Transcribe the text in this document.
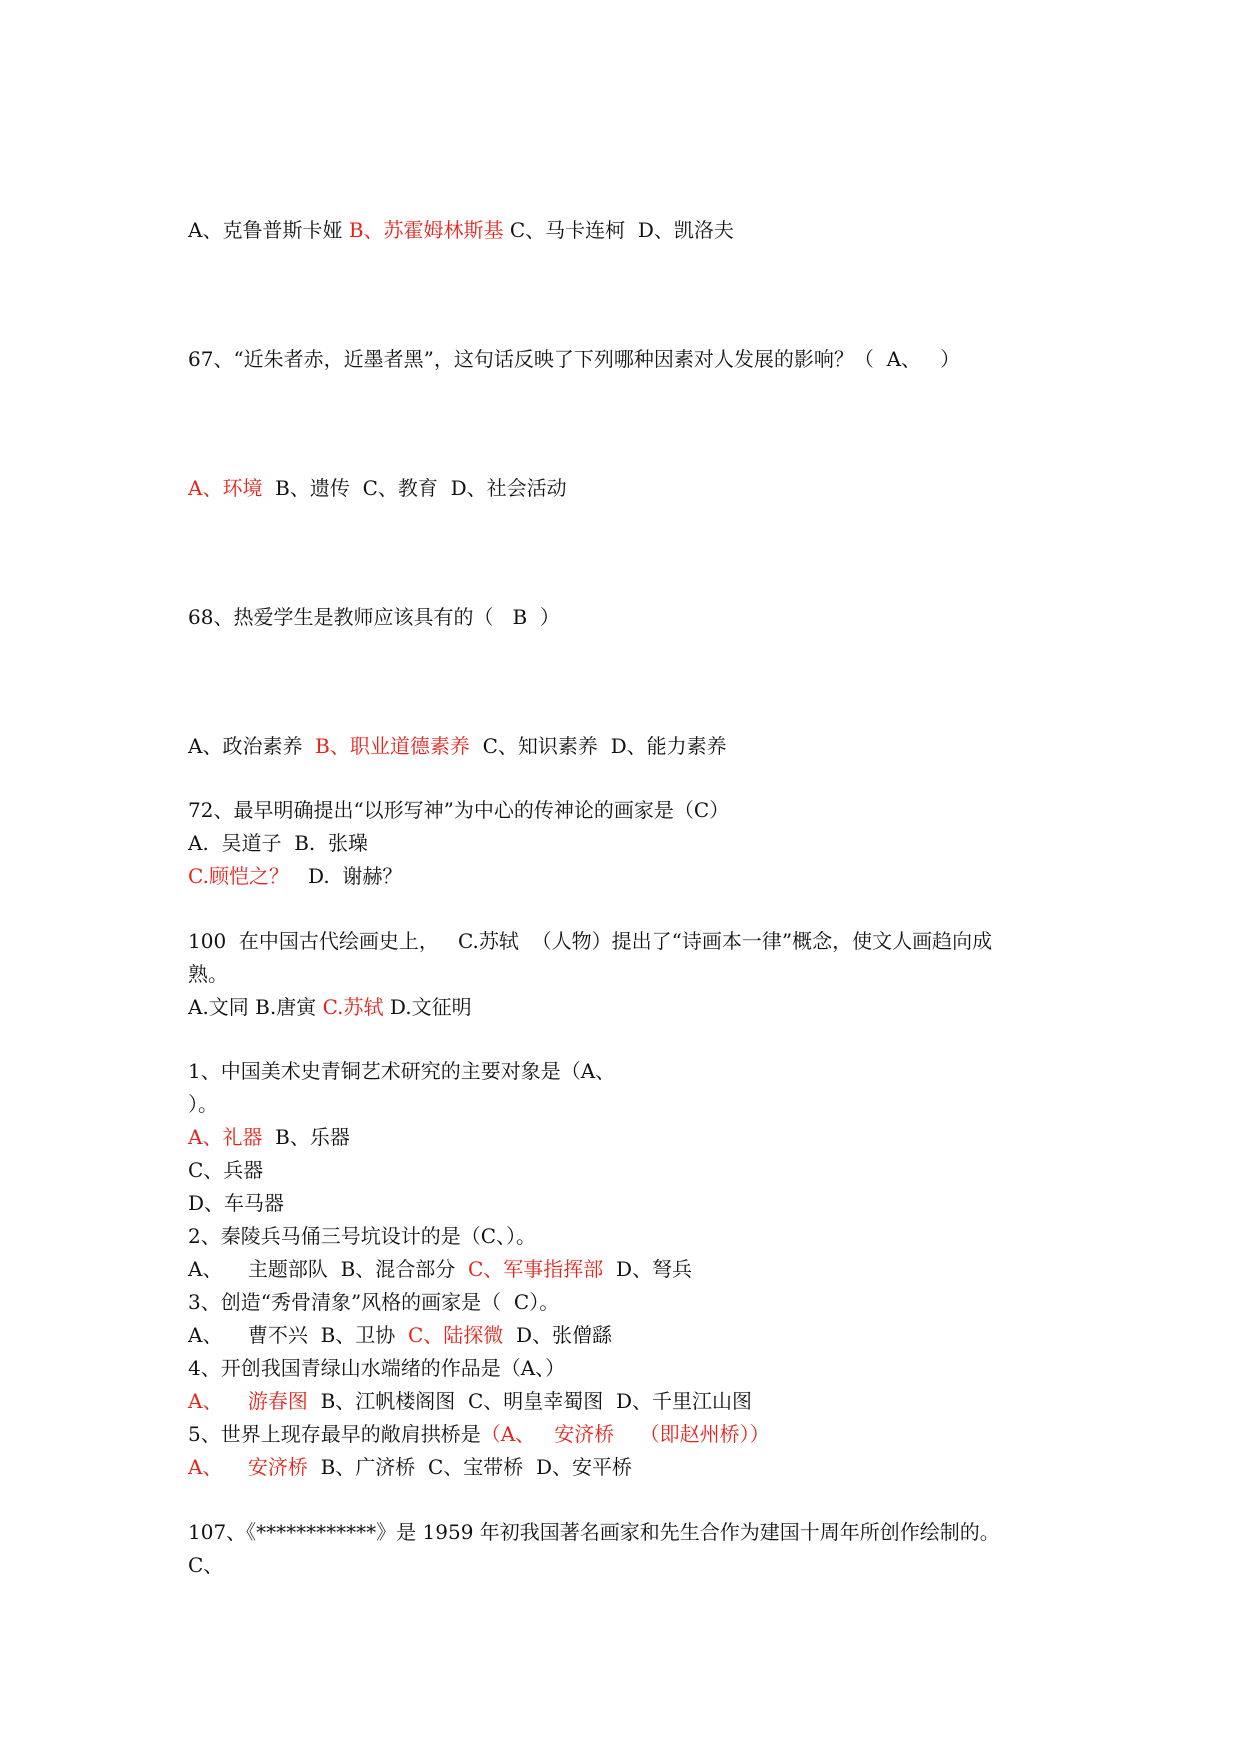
A、克鲁普斯卡娅 B、苏霍姆林斯基 C、马卡连柯  D、凯洛夫
67、“近朱者赤，近墨者黑”，这句话反映了下列哪种因素对人发展的影响？（  A、   ）
A、环境  B、遗传  C、教育  D、社会活动
68、热爱学生是教师应该具有的（   B  ）
A、政治素养  B、职业道德素养  C、知识素养  D、能力素养
72、最早明确提出“以形写神”为中心的传神论的画家是（C）
A.  吴道子  B.  张璪
C.顾恺之？   D.  谢赫？
100  在中国古代绘画史上，   C.苏轼  （人物）提出了“诗画本一律”概念，使文人画趋向成
熟。
A.文同 B.唐寅 C.苏轼 D.文征明
1、中国美术史青铜艺术研究的主要对象是（A、
）。
A、礼器  B、乐器
C、兵器
D、车马器
2、秦陵兵马俑三号坑设计的是（C、）。
A、    主题部队  B、混合部分  C、军事指挥部  D、弩兵
3、创造“秀骨清象”风格的画家是（  C）。
A、    曹不兴  B、卫协  C、陆探微  D、张僧繇
4、开创我国青绿山水端绪的作品是（A、）
A、    游春图  B、江帆楼阁图  C、明皇幸蜀图  D、千里江山图
5、世界上现存最早的敞肩拱桥是（A、   安济桥    （即赵州桥））
A、    安济桥  B、广济桥  C、宝带桥  D、安平桥
107、《************》是 1959 年初我国著名画家和先生合作为建国十周年所创作绘制的。
C、
